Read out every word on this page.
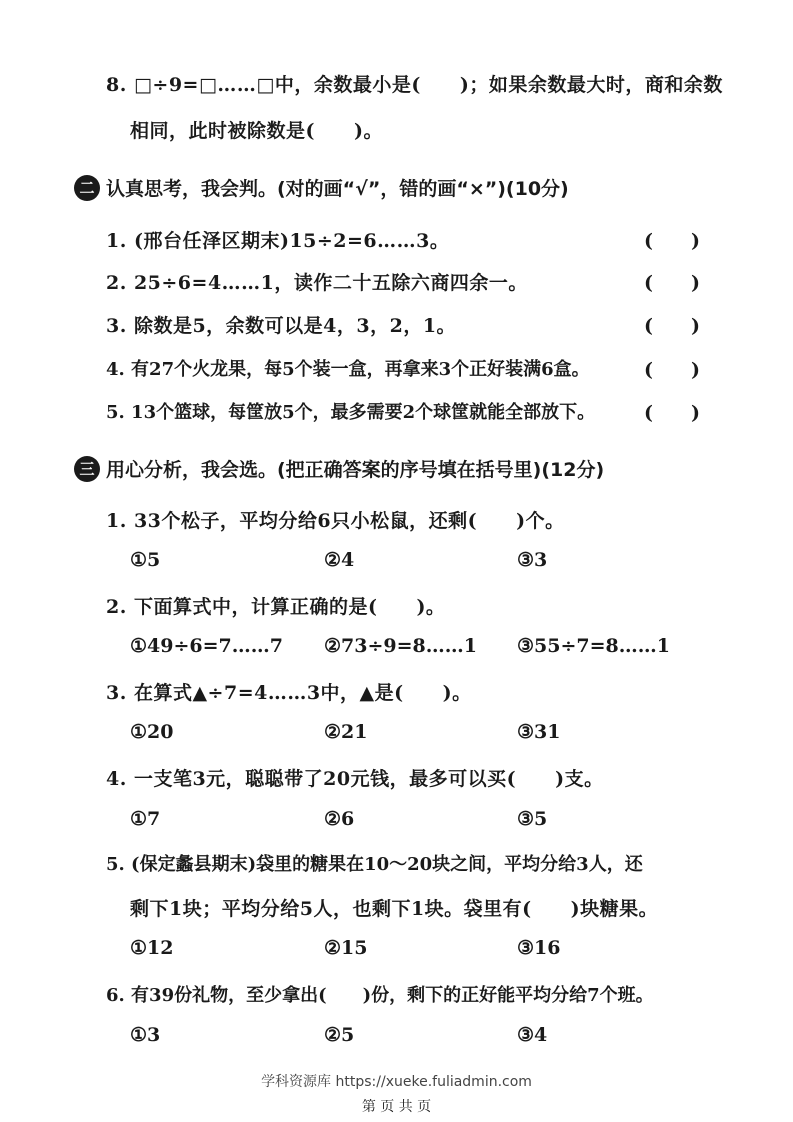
8. □÷9=□……□中，余数最小是(　　)；如果余数最大时，商和余数
相同，此时被除数是(　　)。
二 认真思考，我会判。(对的画“√”，错的画“×”)(10分)
1. (邢台任泽区期末)15÷2=6……3。	(　　)
2. 25÷6=4……1，读作二十五除六商四余一。	(　　)
3. 除数是5，余数可以是4，3，2，1。	(　　)
4. 有27个火龙果，每5个装一盒，再拿来3个正好装满6盒。	(　　)
5. 13个篮球，每筐放5个，最多需要2个球筐就能全部放下。	(　　)
三 用心分析，我会选。(把正确答案的序号填在括号里)(12分)
1. 33个松子，平均分给6只小松鼠，还剩(　　)个。
①5	②4	③3
2. 下面算式中，计算正确的是(　　)。
①49÷6=7……7 ②73÷9=8……1 ③55÷7=8……1
3. 在算式▲÷7=4……3中，▲是(　　)。
①20	②21	③31
4. 一支笔3元，聪聪带了20元钱，最多可以买(　　)支。
①7	②6	③5
5. (保定蠡县期末)袋里的糖果在10～20块之间，平均分给3人，还
剩下1块；平均分给5人，也剩下1块。袋里有(　　)块糖果。
①12	②15	③16
6. 有39份礼物，至少拿出(　　)份，剩下的正好能平均分给7个班。
①3	②5	③4
学科资源库 https://xueke.fuliadmin.com
第 页 共 页
